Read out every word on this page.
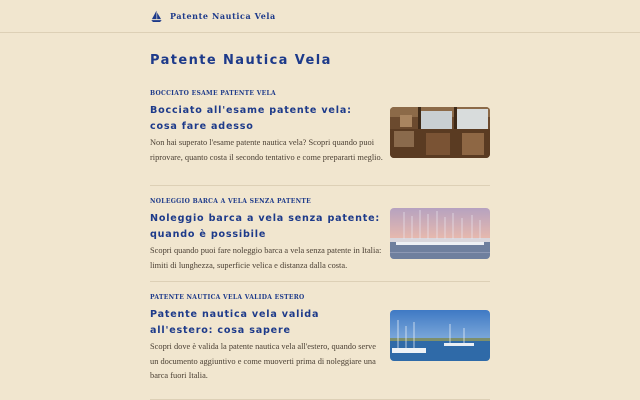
Patente Nautica Vela
Patente Nautica Vela
BOCCIATO ESAME PATENTE VELA
Bocciato all'esame patente vela: cosa fare adesso

Non hai superato l'esame patente nautica vela? Scopri quando puoi riprovare, quanto costa il secondo tentativo e come prepararti meglio.

NOLEGGIO BARCA A VELA SENZA PATENTE
Noleggio barca a vela senza patente: quando è possibile

Scopri quando puoi fare noleggio barca a vela senza patente in Italia: limiti di lunghezza, superficie velica e distanza dalla costa.

PATENTE NAUTICA VELA VALIDA ESTERO
Patente nautica vela valida all'estero: cosa sapere

Scopri dove è valida la patente nautica vela all'estero, quando serve un documento aggiuntivo e come muoverti prima di noleggiare una barca fuori Italia.
